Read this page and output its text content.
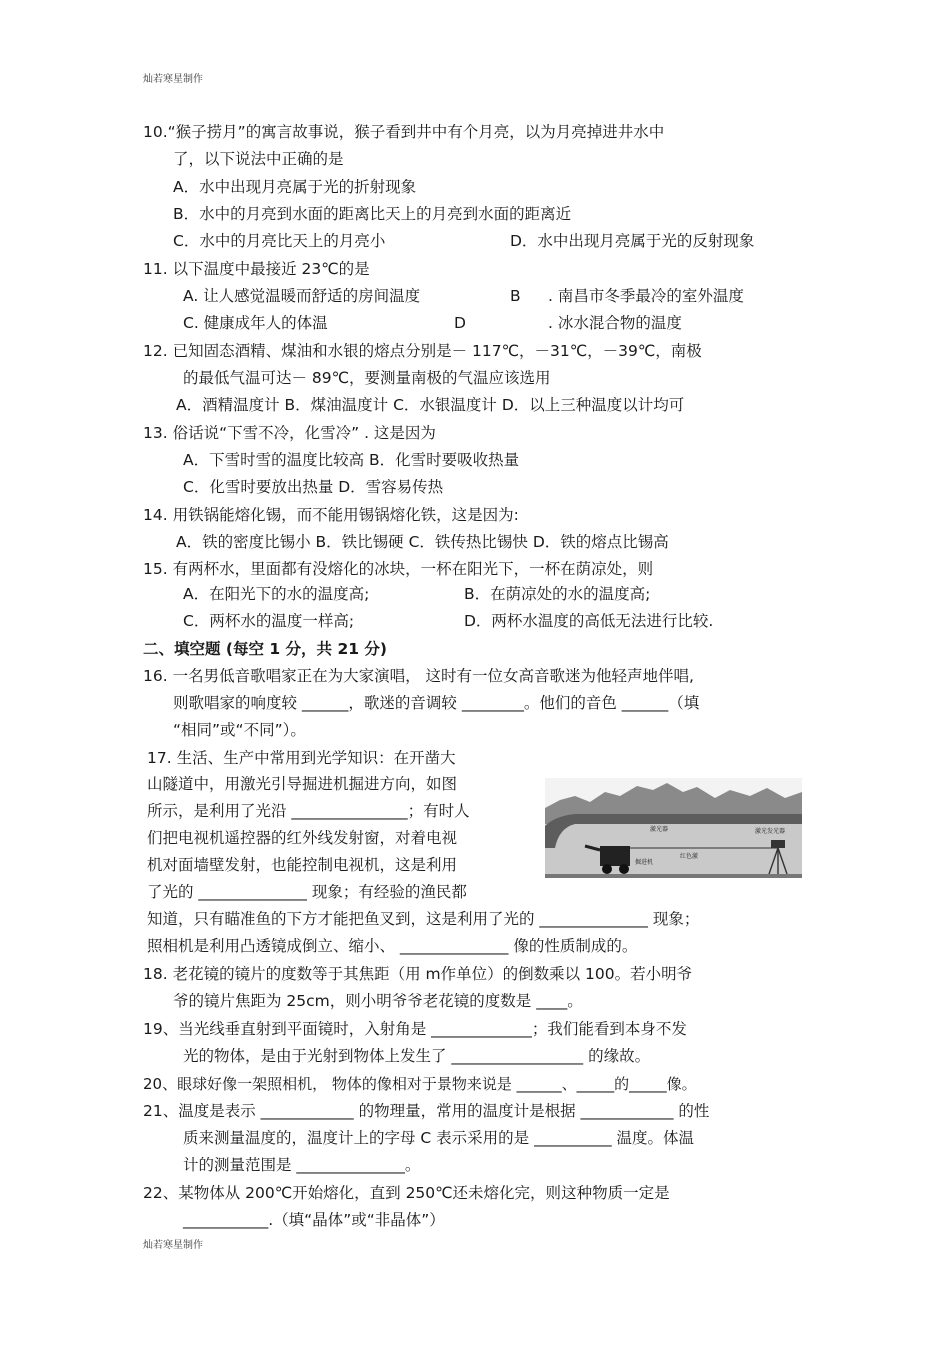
灿若寒星制作
10.“猴子捞月”的寓言故事说，猴子看到井中有个月亮，以为月亮掉进井水中
了，以下说法中正确的是
A．水中出现月亮属于光的折射现象
B．水中的月亮到水面的距离比天上的月亮到水面的距离近
C．水中的月亮比天上的月亮小	D．水中出现月亮属于光的反射现象
11. 以下温度中最接近 23℃的是
A. 让人感觉温暖而舒适的房间温度	B . 南昌市冬季最冷的室外温度
C. 健康成年人的体温	D	. 冰水混合物的温度
12. 已知固态酒精、煤油和水银的熔点分别是－ 117℃，－31℃，－39℃，南极
的最低气温可达－ 89℃，要测量南极的气温应该选用
A．酒精温度计 B．煤油温度计 C．水银温度计 D．以上三种温度以计均可
13. 俗话说“下雪不冷，化雪冷” . 这是因为
A．下雪时雪的温度比较高 B．化雪时要吸收热量
C．化雪时要放出热量 D．雪容易传热
14. 用铁锅能熔化锡，而不能用锡锅熔化铁，这是因为:
A．铁的密度比锡小 B．铁比锡硬 C．铁传热比锡快 D．铁的熔点比锡高
15. 有两杯水，里面都有没熔化的冰块，一杯在阳光下，一杯在荫凉处，则
A．在阳光下的水的温度高;	B．在荫凉处的水的温度高;
C．两杯水的温度一样高;	D．两杯水温度的高低无法进行比较.
二、填空题 (每空 1 分，共 21 分)
16. 一名男低音歌唱家正在为大家演唱， 这时有一位女高音歌迷为他轻声地伴唱,
则歌唱家的响度较 ______，歌迷的音调较 ________。他们的音色 ______（填
“相同”或“不同”）。
17. 生活、生产中常用到光学知识：在开凿大
山隧道中，用激光引导掘进机掘进方向，如图
所示，是利用了光沿 _______________；有时人
们把电视机遥控器的红外线发射窗，对着电视
机对面墙壁发射，也能控制电视机，这是利用
了光的 ______________ 现象；有经验的渔民都
知道，只有瞄准鱼的下方才能把鱼叉到，这是利用了光的 ______________ 现象；
照相机是利用凸透镜成倒立、缩小、 ______________ 像的性质制成的。
激光器
红色激
激光发光器
掘进机
18. 老花镜的镜片的度数等于其焦距（用 m作单位）的倒数乘以 100。若小明爷
爷的镜片焦距为 25cm，则小明爷爷老花镜的度数是 ____。
19、当光线垂直射到平面镜时，入射角是 _____________；我们能看到本身不发
光的物体，是由于光射到物体上发生了 _________________ 的缘故。
20、眼球好像一架照相机， 物体的像相对于景物来说是 ______、_____的_____像。
21、温度是表示 ____________ 的物理量，常用的温度计是根据 ____________ 的性
质来测量温度的，温度计上的字母 C 表示采用的是 __________ 温度。体温
计的测量范围是 ______________。
22、某物体从 200℃开始熔化，直到 250℃还未熔化完，则这种物质一定是
___________.（填“晶体”或“非晶体”）
灿若寒星制作
